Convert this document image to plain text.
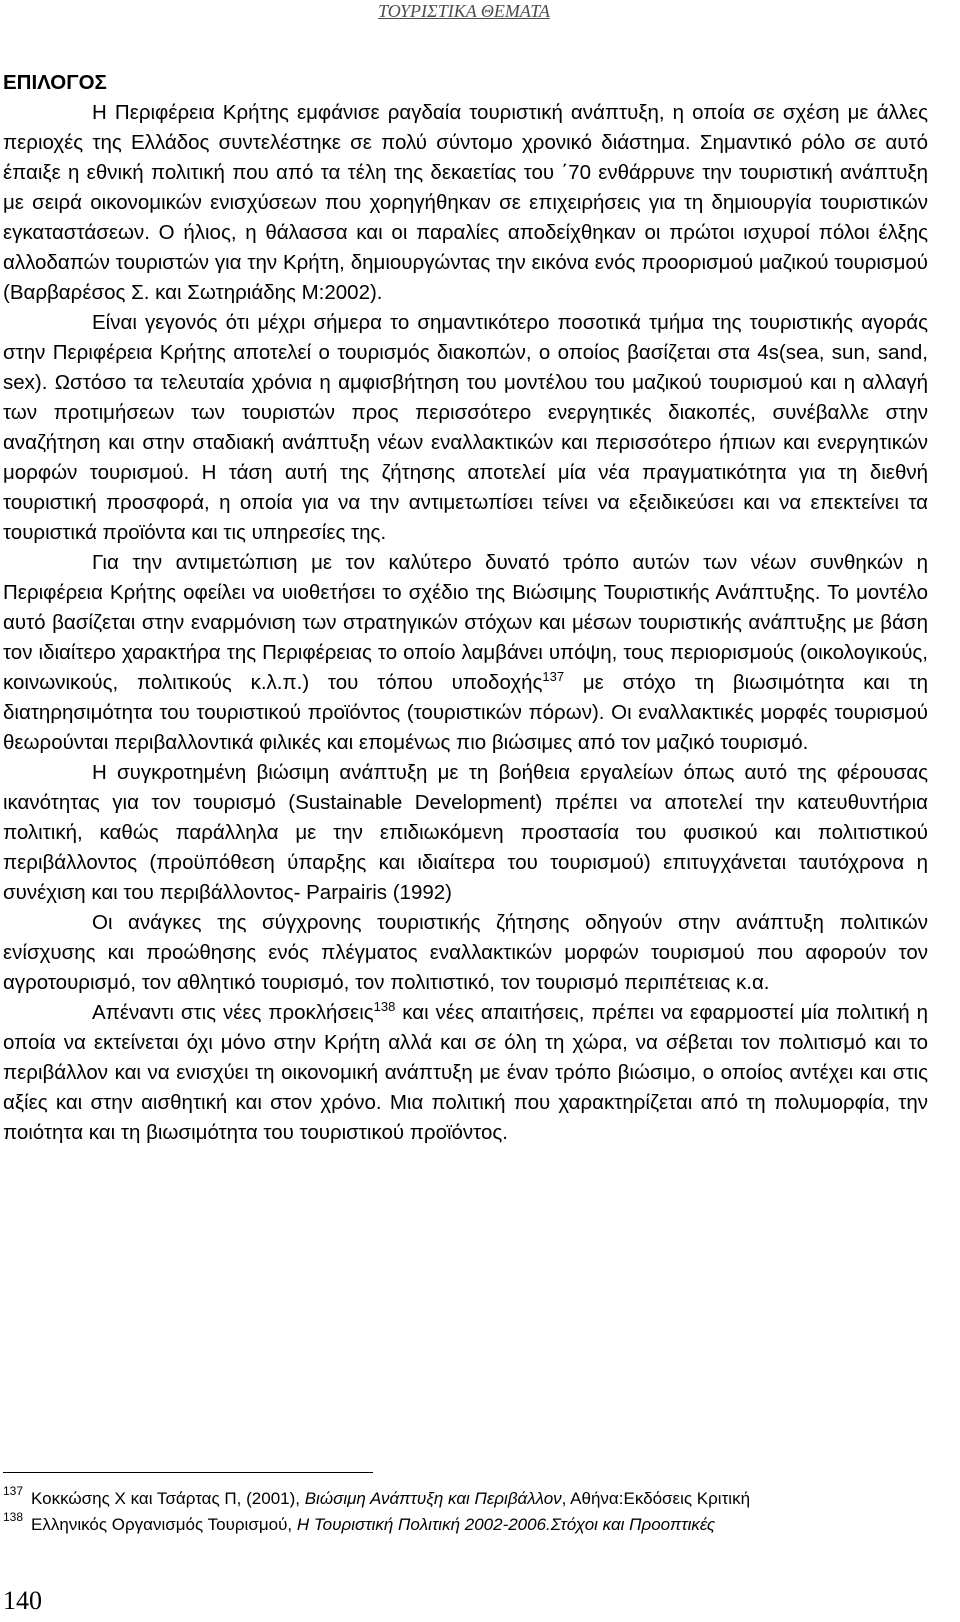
ΤΟΥΡΙΣΤΙΚΑ ΘΕΜΑΤΑ
ΕΠΙΛΟΓΟΣ

Η Περιφέρεια Κρήτης εμφάνισε ραγδαία τουριστική ανάπτυξη, η οποία σε σχέση με άλλες περιοχές της Ελλάδος συντελέστηκε σε πολύ σύντομο χρονικό διάστημα. Σημαντικό ρόλο σε αυτό έπαιξε η εθνική πολιτική που από τα τέλη της δεκαετίας του ΄70 ενθάρρυνε την τουριστική ανάπτυξη με σειρά οικονομικών ενισχύσεων που χορηγήθηκαν σε επιχειρήσεις για τη δημιουργία τουριστικών εγκαταστάσεων. Ο ήλιος, η θάλασσα και οι παραλίες αποδείχθηκαν οι πρώτοι ισχυροί πόλοι έλξης αλλοδαπών τουριστών για την Κρήτη, δημιουργώντας την εικόνα ενός προορισμού μαζικού τουρισμού (Βαρβαρέσος Σ. και Σωτηριάδης Μ:2002).

Είναι γεγονός ότι μέχρι σήμερα το σημαντικότερο ποσοτικά τμήμα της τουριστικής αγοράς στην Περιφέρεια Κρήτης αποτελεί ο τουρισμός διακοπών, ο οποίος βασίζεται στα 4s(sea, sun, sand, sex). Ωστόσο τα τελευταία χρόνια η αμφισβήτηση του μοντέλου του μαζικού τουρισμού και η αλλαγή των προτιμήσεων των τουριστών προς περισσότερο ενεργητικές διακοπές, συνέβαλλε στην αναζήτηση και στην σταδιακή ανάπτυξη νέων εναλλακτικών και περισσότερο ήπιων και ενεργητικών μορφών τουρισμού. Η τάση αυτή της ζήτησης αποτελεί μία νέα πραγματικότητα για τη διεθνή τουριστική προσφορά, η οποία για να την αντιμετωπίσει τείνει να εξειδικεύσει και να επεκτείνει τα τουριστικά προϊόντα και τις υπηρεσίες της.

Για την αντιμετώπιση με τον καλύτερο δυνατό τρόπο αυτών των νέων συνθηκών η Περιφέρεια Κρήτης οφείλει να υιοθετήσει το σχέδιο της Βιώσιμης Τουριστικής Ανάπτυξης. Το μοντέλο αυτό βασίζεται στην εναρμόνιση των στρατηγικών στόχων και μέσων τουριστικής ανάπτυξης με βάση τον ιδιαίτερο χαρακτήρα της Περιφέρειας το οποίο λαμβάνει υπόψη, τους περιορισμούς (οικολογικούς, κοινωνικούς, πολιτικούς κ.λ.π.) του τόπου υποδοχής$^{137}$ με στόχο τη βιωσιμότητα και τη διατηρησιμότητα του τουριστικού προϊόντος (τουριστικών πόρων). Οι εναλλακτικές μορφές τουρισμού θεωρούνται περιβαλλοντικά φιλικές και επομένως πιο βιώσιμες από τον μαζικό τουρισμό.

Η συγκροτημένη βιώσιμη ανάπτυξη με τη βοήθεια εργαλείων όπως αυτό της φέρουσας ικανότητας για τον τουρισμό (Sustainable Development) πρέπει να αποτελεί την κατευθυντήρια πολιτική, καθώς παράλληλα με την επιδιωκόμενη προστασία του φυσικού και πολιτιστικού περιβάλλοντος (προϋπόθεση ύπαρξης και ιδιαίτερα του τουρισμού) επιτυγχάνεται ταυτόχρονα η συνέχιση και του περιβάλλοντος- Parpairis (1992)

Οι ανάγκες της σύγχρονης τουριστικής ζήτησης οδηγούν στην ανάπτυξη πολιτικών ενίσχυσης και προώθησης ενός πλέγματος εναλλακτικών μορφών τουρισμού που αφορούν τον αγροτουρισμό, τον αθλητικό τουρισμό, τον πολιτιστικό, τον τουρισμό περιπέτειας κ.α.

Απέναντι στις νέες προκλήσεις$^{138}$ και νέες απαιτήσεις, πρέπει να εφαρμοστεί μία πολιτική η οποία να εκτείνεται όχι μόνο στην Κρήτη αλλά και σε όλη τη χώρα, να σέβεται τον πολιτισμό και το περιβάλλον και να ενισχύει τη οικονομική ανάπτυξη με έναν τρόπο βιώσιμο, ο οποίος αντέχει και στις αξίες και στην αισθητική και στον χρόνο. Μια πολιτική που χαρακτηρίζεται από τη πολυμορφία, την ποιότητα και τη βιωσιμότητα του τουριστικού προϊόντος.

$^{137}$ Κοκκώσης Χ και Τσάρτας Π, (2001), Βιώσιμη Ανάπτυξη και Περιβάλλον, Αθήνα:Εκδόσεις Κριτική

$^{138}$ Ελληνικός Οργανισμός Τουρισμού, Η Τουριστική Πολιτική 2002-2006.Στόχοι και Προοπτικές

140
